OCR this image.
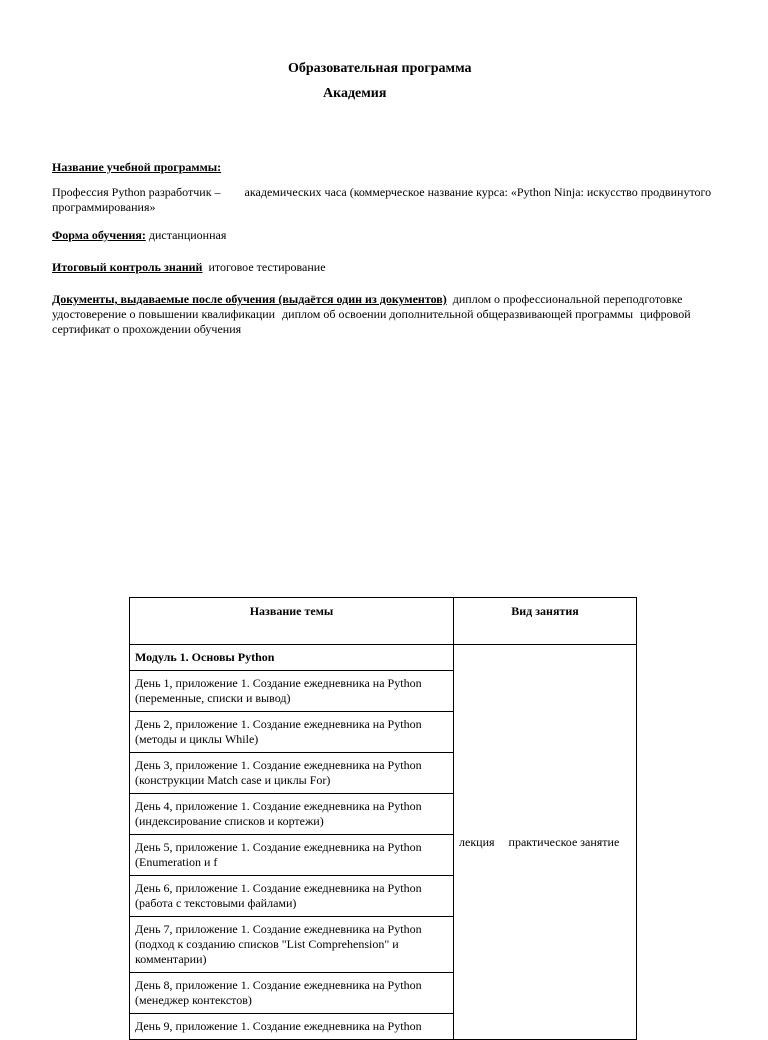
Образовательная программа
Академия
Название учебной программы:
Профессия Python разработчик – академических часа (коммерческое название курса: «Python Ninja: искусство продвинутого программирования»
Форма обучения: дистанционная
Итоговый контроль знаний итоговое тестирование
Документы, выдаваемые после обучения (выдаётся один из документов) диплом о профессиональной переподготовке удостоверение о повышении квалификации диплом об освоении дополнительной общеразвивающей программы цифровой сертификат о прохождении обучения
Название темы	Вид занятия
Модуль 1. Основы Python	лекция практическое занятие
День 1, приложение 1. Создание ежедневника на Python (переменные, списки и вывод)	
День 2, приложение 1. Создание ежедневника на Python (методы и циклы While)	
День 3, приложение 1. Создание ежедневника на Python (конструкции Match case и циклы For)	
День 4, приложение 1. Создание ежедневника на Python (индексирование списков и кортежи)	
День 5, приложение 1. Создание ежедневника на Python (Enumeration и f	
День 6, приложение 1. Создание ежедневника на Python (работа с текстовыми файлами)	
День 7, приложение 1. Создание ежедневника на Python (подход к созданию списков "List Comprehension" и комментарии)	
День 8, приложение 1. Создание ежедневника на Python (менеджер контекстов)	
День 9, приложение 1. Создание ежедневника на Python	
